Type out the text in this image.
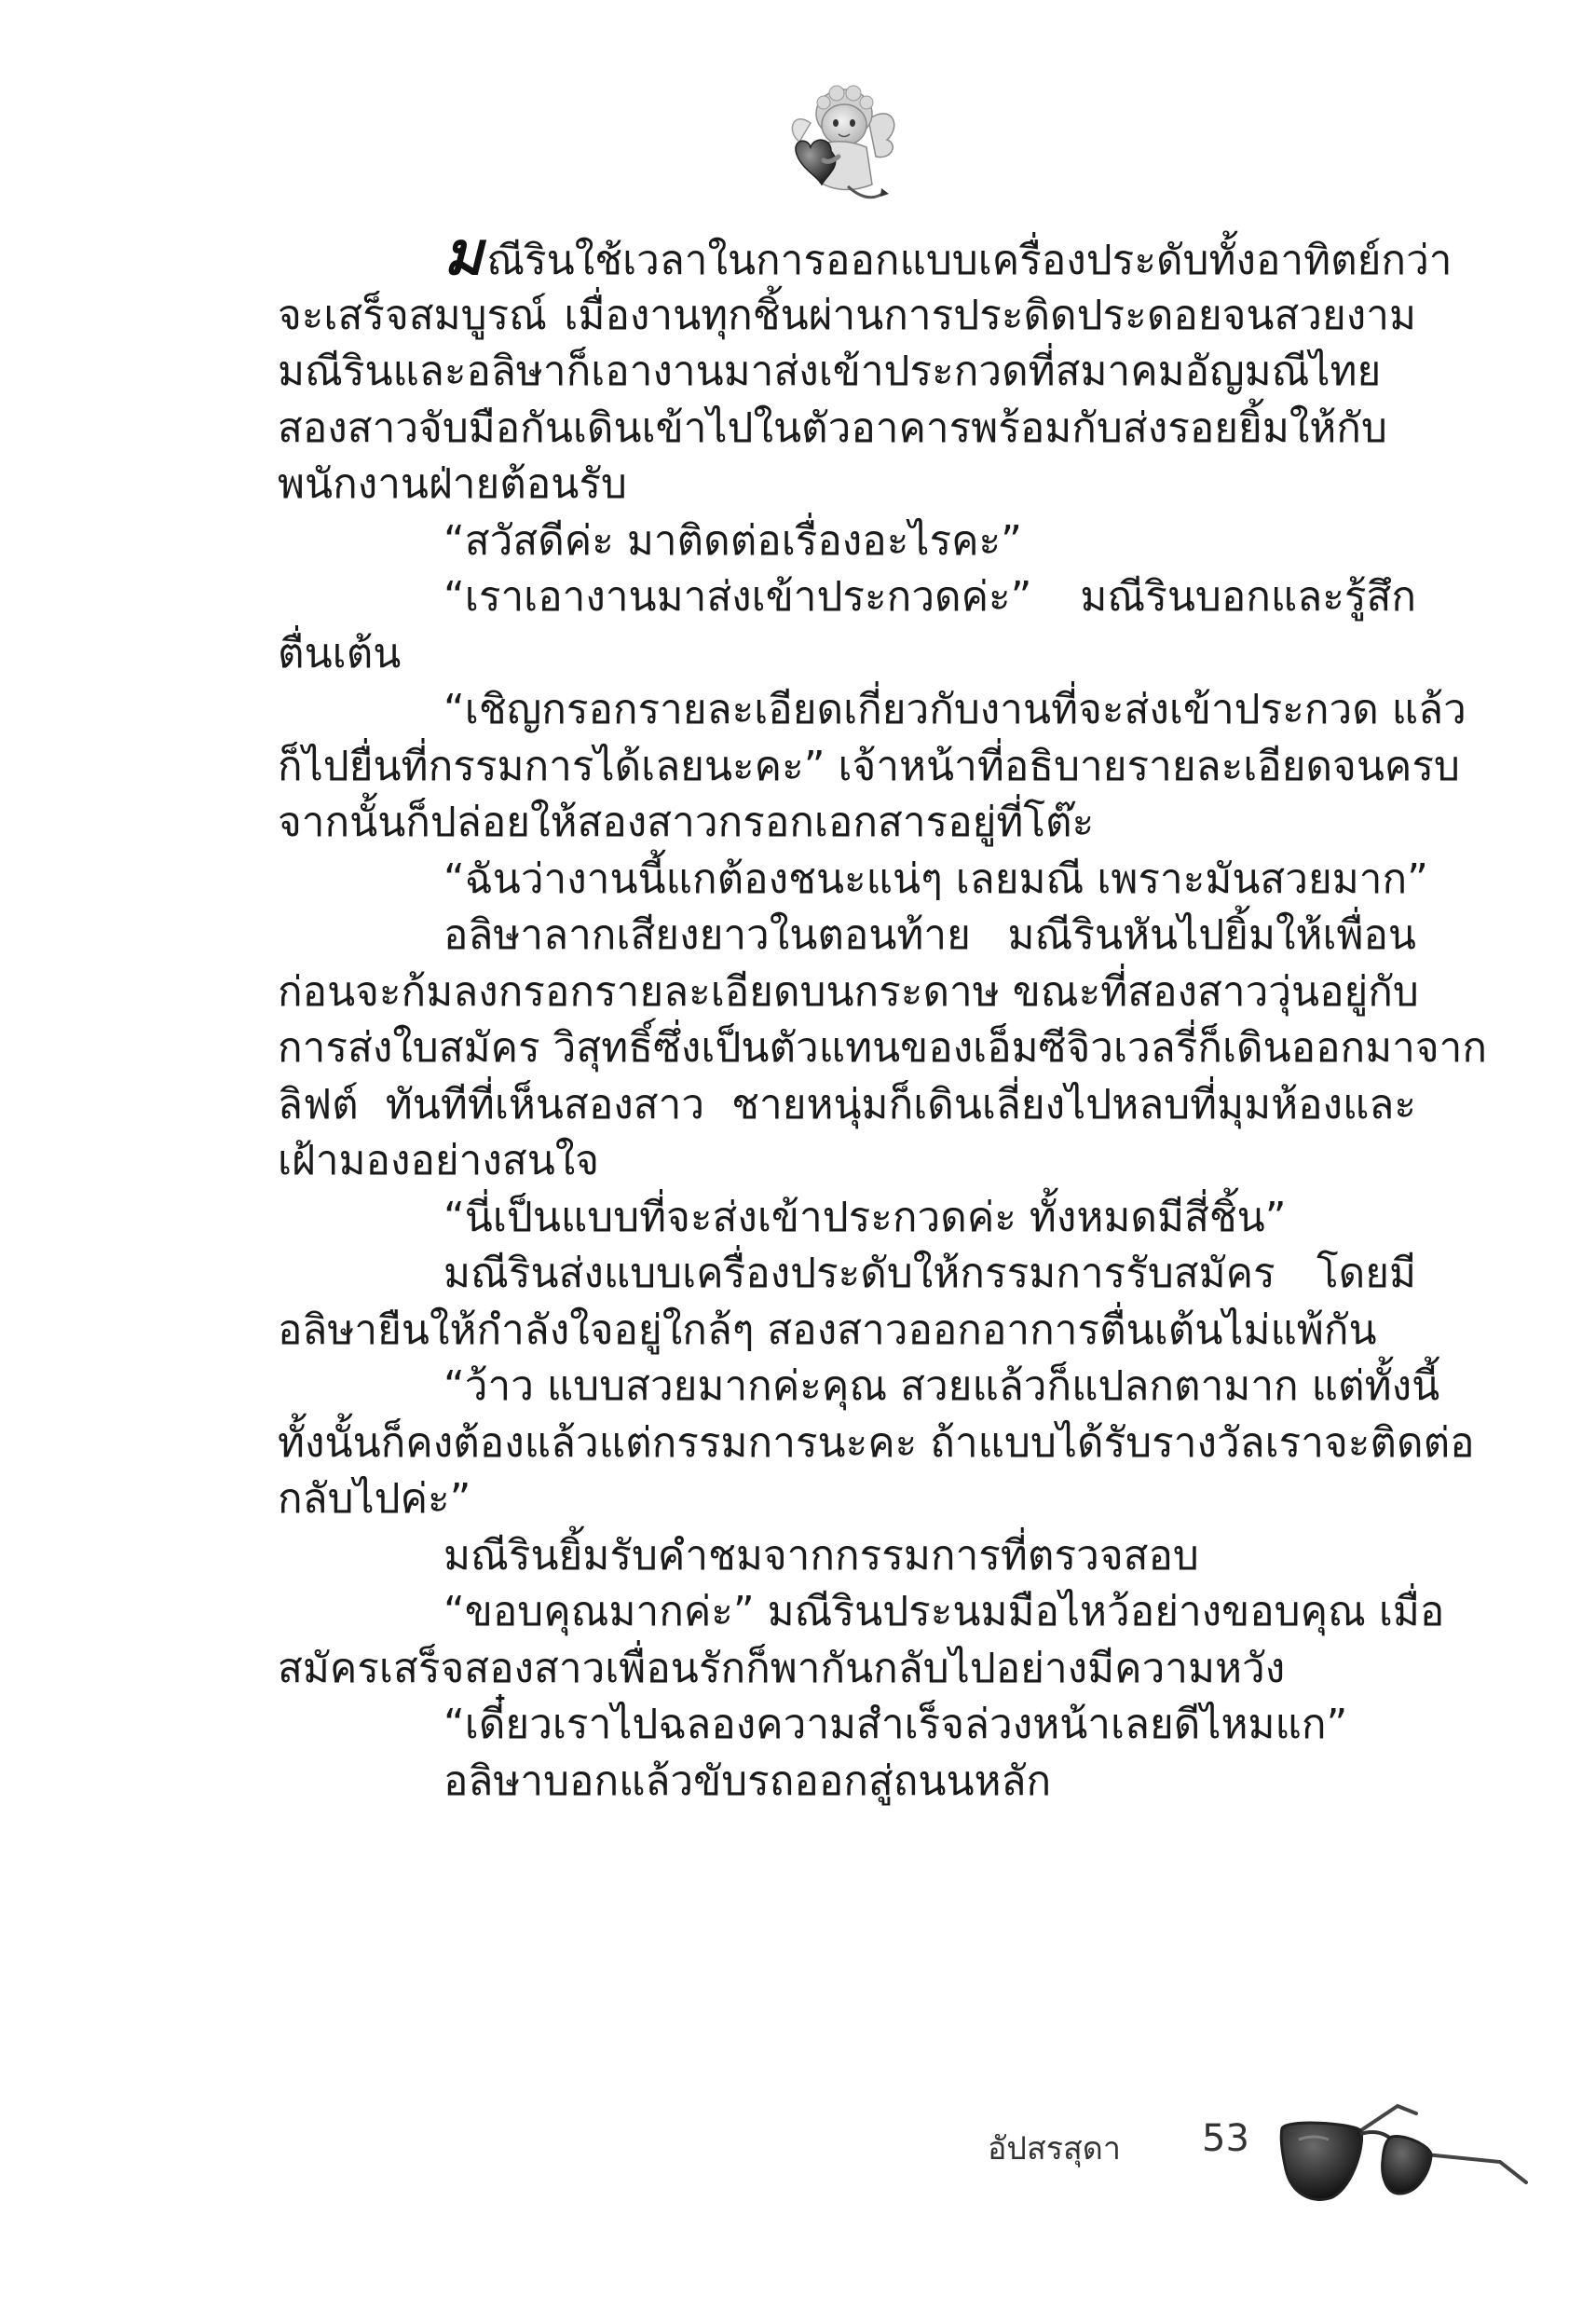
มณีรินใช้เวลาในการออกแบบเครื่องประดับทั้งอาทิตย์กว่า
จะเสร็จสมบูรณ์ เมื่องานทุกชิ้นผ่านการประดิดประดอยจนสวยงาม
มณีรินและอลิษาก็เอางานมาส่งเข้าประกวดที่สมาคมอัญมณีไทย
สองสาวจับมือกันเดินเข้าไปในตัวอาคารพร้อมกับส่งรอยยิ้มให้กับ
พนักงานฝ่ายต้อนรับ
“สวัสดีค่ะ มาติดต่อเรื่องอะไรคะ”
“เราเอางานมาส่งเข้าประกวดค่ะ” มณีรินบอกและรู้สึก
ตื่นเต้น
“เชิญกรอกรายละเอียดเกี่ยวกับงานที่จะส่งเข้าประกวด แล้ว
ก็ไปยื่นที่กรรมการได้เลยนะคะ” เจ้าหน้าที่อธิบายรายละเอียดจนครบ
จากนั้นก็ปล่อยให้สองสาวกรอกเอกสารอยู่ที่โต๊ะ
“ฉันว่างานนี้แกต้องชนะแน่ๆ เลยมณี เพราะมันสวยมาก”
อลิษาลากเสียงยาวในตอนท้าย มณีรินหันไปยิ้มให้เพื่อน
ก่อนจะก้มลงกรอกรายละเอียดบนกระดาษ ขณะที่สองสาววุ่นอยู่กับ
การส่งใบสมัคร วิสุทธิ์ซึ่งเป็นตัวแทนของเอ็มซีจิวเวลรี่ก็เดินออกมาจาก
ลิฟต์ ทันทีที่เห็นสองสาว ชายหนุ่มก็เดินเลี่ยงไปหลบที่มุมห้องและ
เฝ้ามองอย่างสนใจ
“นี่เป็นแบบที่จะส่งเข้าประกวดค่ะ ทั้งหมดมีสี่ชิ้น”
มณีรินส่งแบบเครื่องประดับให้กรรมการรับสมัคร โดยมี
อลิษายืนให้กำลังใจอยู่ใกล้ๆ สองสาวออกอาการตื่นเต้นไม่แพ้กัน
“ว้าว แบบสวยมากค่ะคุณ สวยแล้วก็แปลกตามาก แต่ทั้งนี้
ทั้งนั้นก็คงต้องแล้วแต่กรรมการนะคะ ถ้าแบบได้รับรางวัลเราจะติดต่อ
กลับไปค่ะ”
มณีรินยิ้มรับคำชมจากกรรมการที่ตรวจสอบ
“ขอบคุณมากค่ะ” มณีรินประนมมือไหว้อย่างขอบคุณ เมื่อ
สมัครเสร็จสองสาวเพื่อนรักก็พากันกลับไปอย่างมีความหวัง
“เดี๋ยวเราไปฉลองความสำเร็จล่วงหน้าเลยดีไหมแก”
อลิษาบอกแล้วขับรถออกสู่ถนนหลัก
อัปสรสุดา 53
